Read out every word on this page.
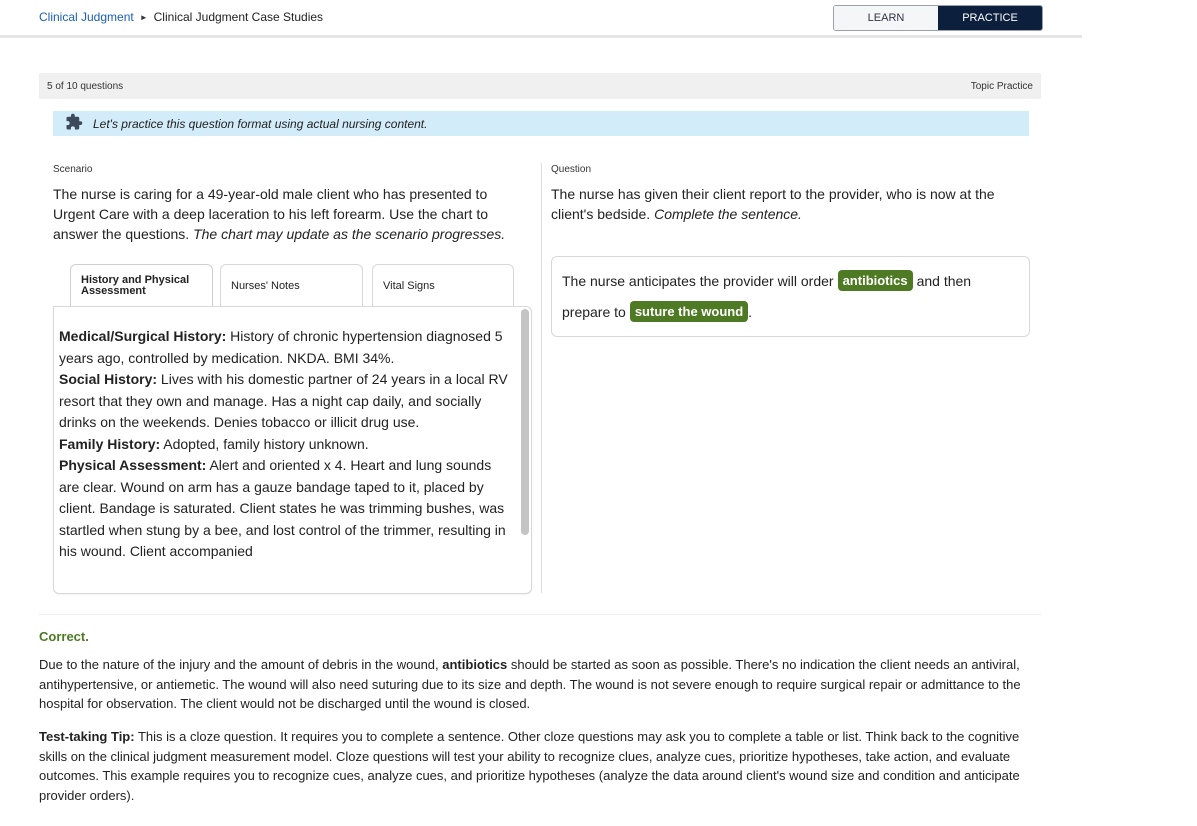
Clinical Judgment ► Clinical Judgment Case Studies	LEARN	PRACTICE
5 of 10 questions	Topic Practice
Let's practice this question format using actual nursing content.
Scenario
The nurse is caring for a 49-year-old male client who has presented to Urgent Care with a deep laceration to his left forearm. Use the chart to answer the questions. The chart may update as the scenario progresses.
History and Physical Assessment	Nurses' Notes	Vital Signs
Medical/Surgical History: History of chronic hypertension diagnosed 5 years ago, controlled by medication. NKDA. BMI 34%.
Social History: Lives with his domestic partner of 24 years in a local RV resort that they own and manage. Has a night cap daily, and socially drinks on the weekends. Denies tobacco or illicit drug use.
Family History: Adopted, family history unknown.
Physical Assessment: Alert and oriented x 4. Heart and lung sounds are clear. Wound on arm has a gauze bandage taped to it, placed by client. Bandage is saturated. Client states he was trimming bushes, was startled when stung by a bee, and lost control of the trimmer, resulting in his wound. Client accompanied
Question
The nurse has given their client report to the provider, who is now at the client's bedside. Complete the sentence.
The nurse anticipates the provider will order antibiotics and then
prepare to suture the wound .
Correct.
Due to the nature of the injury and the amount of debris in the wound, antibiotics should be started as soon as possible. There's no indication the client needs an antiviral, antihypertensive, or antiemetic. The wound will also need suturing due to its size and depth. The wound is not severe enough to require surgical repair or admittance to the hospital for observation. The client would not be discharged until the wound is closed.
Test-taking Tip: This is a cloze question. It requires you to complete a sentence. Other cloze questions may ask you to complete a table or list. Think back to the cognitive skills on the clinical judgment measurement model. Cloze questions will test your ability to recognize clues, analyze cues, prioritize hypotheses, take action, and evaluate outcomes. This example requires you to recognize cues, analyze cues, and prioritize hypotheses (analyze the data around client's wound size and condition and anticipate provider orders).
